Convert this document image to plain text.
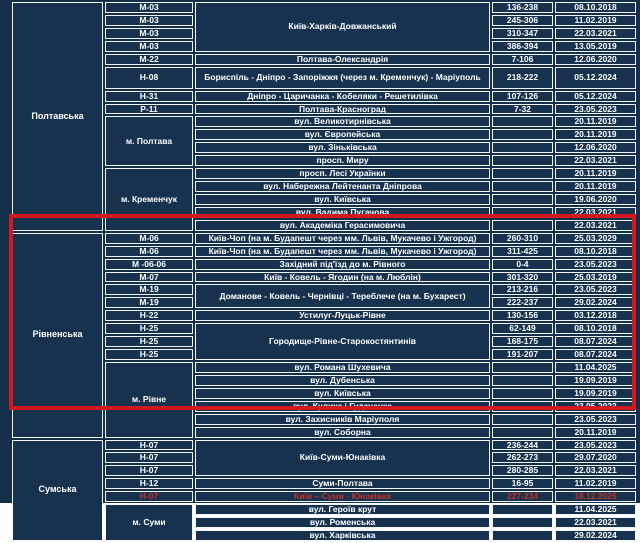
Полтавська	М-03	Київ-Харків-Довжанський	136-238	08.10.2018
	М-03		245-306	11.02.2019
	М-03		310-347	22.03.2021
	М-03		386-394	13.05.2019
	М-22	Полтава-Олександрія	7-106	12.06.2020
	Н-08	Бориспіль - Дніпро - Запоріжжя (через м. Кременчук) - Маріуполь	218-222	05.12.2024
	Н-31	Дніпро - Царичанка - Кобеляки - Решетилівка	107-126	05.12.2024
	Р-11	Полтава-Красноград	7-32	23.05.2023
	м. Полтава	вул. Великотирнівська		20.11.2019
		вул. Європейська		20.11.2019
		вул. Зіньківська		12.06.2020
		просп. Миру		22.03.2021
	м. Кременчук	просп. Лесі Українки		20.11.2019
		вул. Набережна Лейтенанта Дніпрова		20.11.2019
		вул. Київська		19.06.2020
		вул. Вадима Пугачова		22.03.2021
		вул. Академіка Герасимовича		22.03.2021
Рівненська	М-06	Київ-Чоп (на м. Будапешт через мм. Львів, Мукачево і Ужгород)	260-310	25.03.2029
	М-06	Київ-Чоп (на м. Будапешт через мм. Львів, Мукачево і Ужгород)	311-425	08.10.2018
	М -06-06	Західний під'їзд до м. Рівного	0-4	23.05.2023
	М-07	Київ - Ковель - Ягодин (на м. Люблін)	301-320	25.03.2019
	М-19	Доманове - Ковель - Чернівці - Тереблече (на м. Бухарест)	213-216	23.05.2023
	М-19		222-237	29.02.2024
	Н-22	Устилуг-Луцьк-Рівне	130-156	03.12.2018
	Н-25	Городище-Рівне-Старокостянтинів	62-149	08.10.2018
	Н-25		168-175	08.07.2024
	Н-25		191-207	08.07.2024
	м. Рівне	вул. Романа Шухевича		11.04.2025
		вул. Дубенська		19.09.2019
		вул. Київська		19.09.2019
		вул. Кулика і Гудаченка		23.05.2023
		вул. Захисників Маріуполя		23.05.2023
		вул. Соборна		20.11.2019
Сумська	Н-07	Київ-Суми-Юнаківка	236-244	23.05.2023
	Н-07		262-273	29.07.2020
	Н-07		280-285	22.03.2021
	Н-12	Суми-Полтава	16-95	11.02.2019
	Н-07	Київ – Суми - Юнаківка	227-234	18.12.2025
	м. Суми	вул. Героїв крут		11.04.2025
		вул. Роменська		22.03.2021
		вул. Харківська		29.02.2024
